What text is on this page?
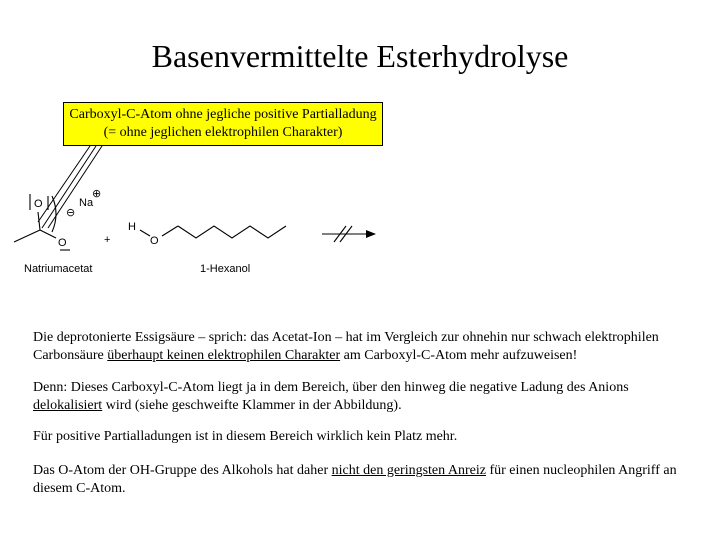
Basenvermittelte Esterhydrolyse
Carboxyl-C-Atom ohne jegliche positive Partialladung
(= ohne jeglichen elektrophilen Charakter)
O
O
Na
⊕
⊖
Natriumacetat
+
H
O
1-Hexanol
Die deprotonierte Essigsäure – sprich: das Acetat-Ion – hat im Vergleich zur ohnehin nur schwach elektrophilen Carbonsäure überhaupt keinen elektrophilen Charakter am Carboxyl-C-Atom mehr aufzuweisen!
Denn: Dieses Carboxyl-C-Atom liegt ja in dem Bereich, über den hinweg die negative Ladung des Anions delokalisiert wird (siehe geschweifte Klammer in der Abbildung).
Für positive Partialladungen ist in diesem Bereich wirklich kein Platz mehr.
Das O-Atom der OH-Gruppe des Alkohols hat daher nicht den geringsten Anreiz für einen nucleophilen Angriff an diesem C-Atom.
